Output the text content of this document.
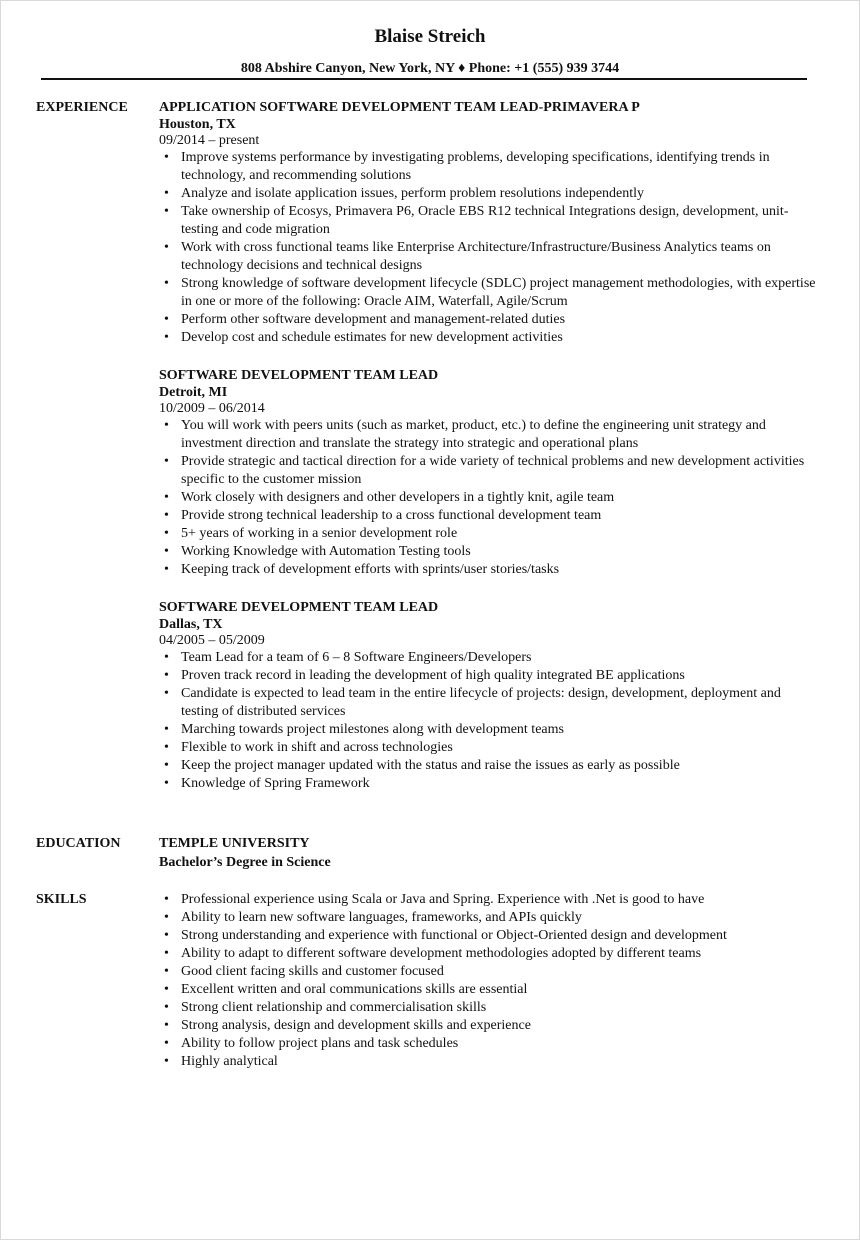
Blaise Streich
808 Abshire Canyon, New York, NY ♦ Phone: +1 (555) 939 3744
EXPERIENCE	APPLICATION SOFTWARE DEVELOPMENT TEAM LEAD-PRIMAVERA P
Houston, TX
09/2014 – present
• Improve systems performance by investigating problems, developing specifications, identifying trends in technology, and recommending solutions
• Analyze and isolate application issues, perform problem resolutions independently
• Take ownership of Ecosys, Primavera P6, Oracle EBS R12 technical Integrations design, development, unit-testing and code migration
• Work with cross functional teams like Enterprise Architecture/Infrastructure/Business Analytics teams on technology decisions and technical designs
• Strong knowledge of software development lifecycle (SDLC) project management methodologies, with expertise in one or more of the following: Oracle AIM, Waterfall, Agile/Scrum
• Perform other software development and management-related duties
• Develop cost and schedule estimates for new development activities
SOFTWARE DEVELOPMENT TEAM LEAD
Detroit, MI
10/2009 – 06/2014
• You will work with peers units (such as market, product, etc.) to define the engineering unit strategy and investment direction and translate the strategy into strategic and operational plans
• Provide strategic and tactical direction for a wide variety of technical problems and new development activities specific to the customer mission
• Work closely with designers and other developers in a tightly knit, agile team
• Provide strong technical leadership to a cross functional development team
• 5+ years of working in a senior development role
• Working Knowledge with Automation Testing tools
• Keeping track of development efforts with sprints/user stories/tasks
SOFTWARE DEVELOPMENT TEAM LEAD
Dallas, TX
04/2005 – 05/2009
• Team Lead for a team of 6 – 8 Software Engineers/Developers
• Proven track record in leading the development of high quality integrated BE applications
• Candidate is expected to lead team in the entire lifecycle of projects: design, development, deployment and testing of distributed services
• Marching towards project milestones along with development teams
• Flexible to work in shift and across technologies
• Keep the project manager updated with the status and raise the issues as early as possible
• Knowledge of Spring Framework
EDUCATION	TEMPLE UNIVERSITY
Bachelor’s Degree in Science
SKILLS
•	Professional experience using Scala or Java and Spring. Experience with .Net is good to have
• Ability to learn new software languages, frameworks, and APIs quickly
• Strong understanding and experience with functional or Object-Oriented design and development
• Ability to adapt to different software development methodologies adopted by different teams
• Good client facing skills and customer focused
• Excellent written and oral communications skills are essential
• Strong client relationship and commercialisation skills
• Strong analysis, design and development skills and experience
• Ability to follow project plans and task schedules
• Highly analytical
